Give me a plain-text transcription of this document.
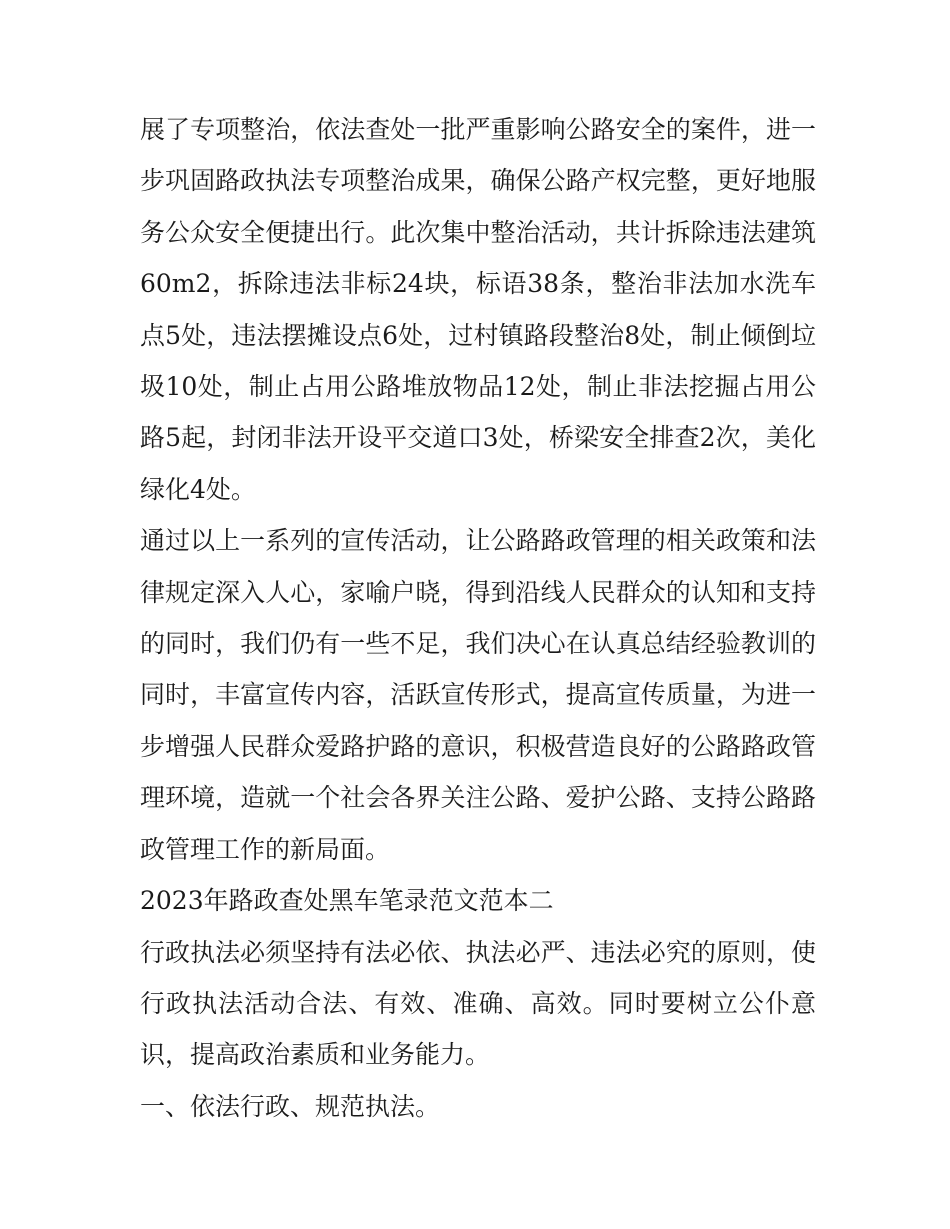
展了专项整治，依法查处一批严重影响公路安全的案件，进一步巩固路政执法专项整治成果，确保公路产权完整，更好地服务公众安全便捷出行。此次集中整治活动，共计拆除违法建筑60m2，拆除违法非标24块，标语38条，整治非法加水洗车点5处，违法摆摊设点6处，过村镇路段整治8处，制止倾倒垃圾10处，制止占用公路堆放物品12处，制止非法挖掘占用公路5起，封闭非法开设平交道口3处，桥梁安全排查2次，美化绿化4处。

通过以上一系列的宣传活动，让公路路政管理的相关政策和法律规定深入人心，家喻户晓，得到沿线人民群众的认知和支持的同时，我们仍有一些不足，我们决心在认真总结经验教训的同时，丰富宣传内容，活跃宣传形式，提高宣传质量，为进一步增强人民群众爱路护路的意识，积极营造良好的公路路政管理环境，造就一个社会各界关注公路、爱护公路、支持公路路政管理工作的新局面。

2023年路政查处黑车笔录范文范本二

行政执法必须坚持有法必依、执法必严、违法必究的原则，使行政执法活动合法、有效、准确、高效。同时要树立公仆意识，提高政治素质和业务能力。

一、依法行政、规范执法。
